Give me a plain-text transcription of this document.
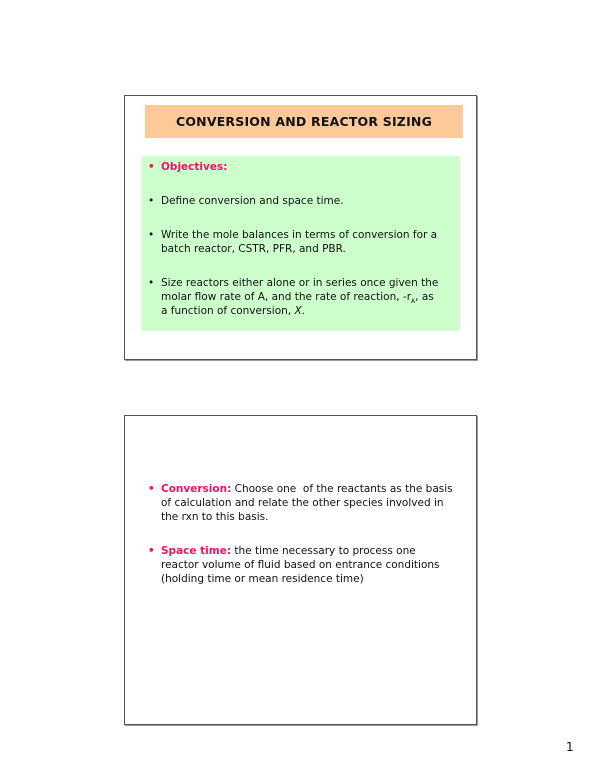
CONVERSION AND REACTOR SIZING
• Objectives:
• Define conversion and space time.
• Write the mole balances in terms of conversion for a
batch reactor, CSTR, PFR, and PBR.
• Size reactors either alone or in series once given the
molar flow rate of A, and the rate of reaction, $-r_A$, as
a function of conversion, X.
• Conversion: Choose one  of the reactants as the basis
of calculation and relate the other species involved in
the rxn to this basis.
• Space time: the time necessary to process one
reactor volume of fluid based on entrance conditions
(holding time or mean residence time)
1
